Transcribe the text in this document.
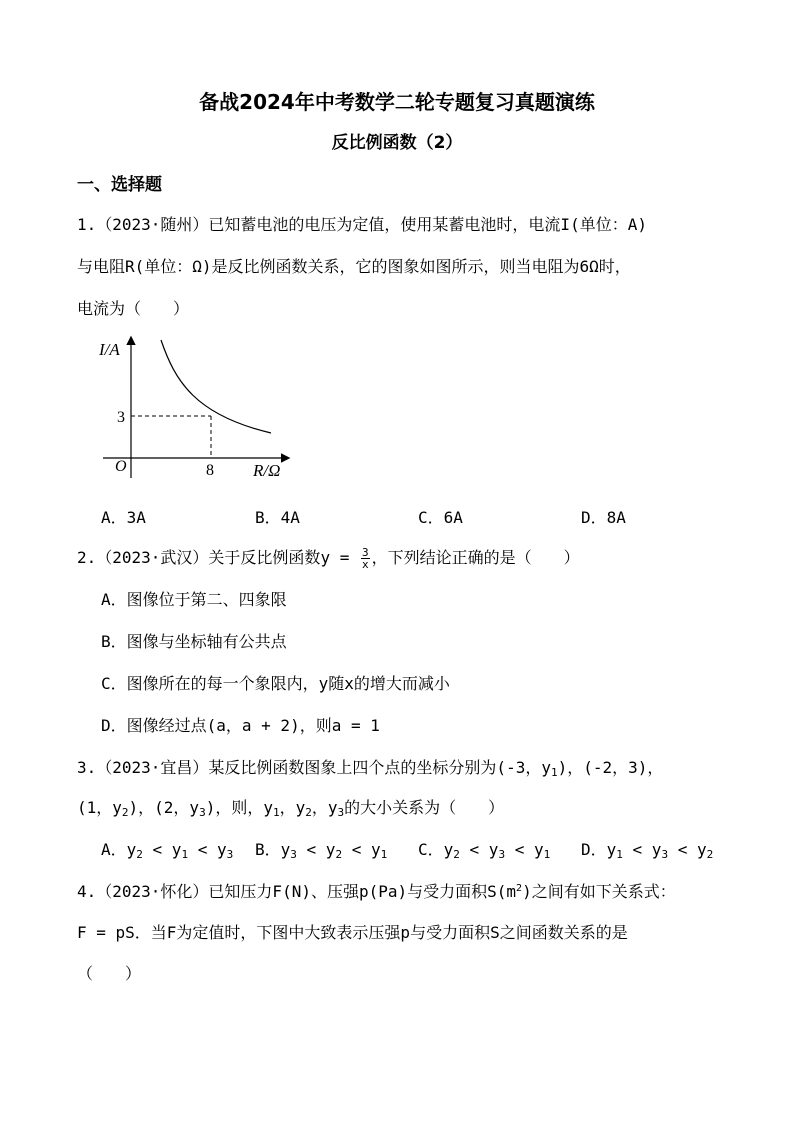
备战2024年中考数学二轮专题复习真题演练
反比例函数（2）
一、选择题
1.（2023·随州）已知蓄电池的电压为定值，使用某蓄电池时，电流I(单位：A)
与电阻R(单位：Ω)是反比例函数关系，它的图象如图所示，则当电阻为6Ω时，
电流为（　　）
I/A
R/Ω
O
3
8
A．3A	B．4A	C．6A	D．8A
2.（2023·武汉）关于反比例函数$y = \frac{3}{x}$ ，下列结论正确的是（　　）
A．图像位于第二、四象限
B．图像与坐标轴有公共点
C．图像所在的每一个象限内，y随x的增大而减小
D．图像经过点(a，a + 2)，则a = 1
3.（2023·宜昌）某反比例函数图象上四个点的坐标分别为(-3，$y_1$)，(-2，3)，
(1，$y_2$)，(2，$y_3$)，则，$y_1$，$y_2$，$y_3$的大小关系为（　　）
A．$y_2 < y_1 < y_3$ B．$y_3 < y_2 < y_1$ C．$y_2 < y_3 < y_1$ D．$y_1 < y_3 < y_2$
4.（2023·怀化）已知压力F(N)、压强p(Pa)与受力面积$S(m^2)$之间有如下关系式：
F = pS．当F为定值时，下图中大致表示压强p与受力面积S之间函数关系的是
（　　）
